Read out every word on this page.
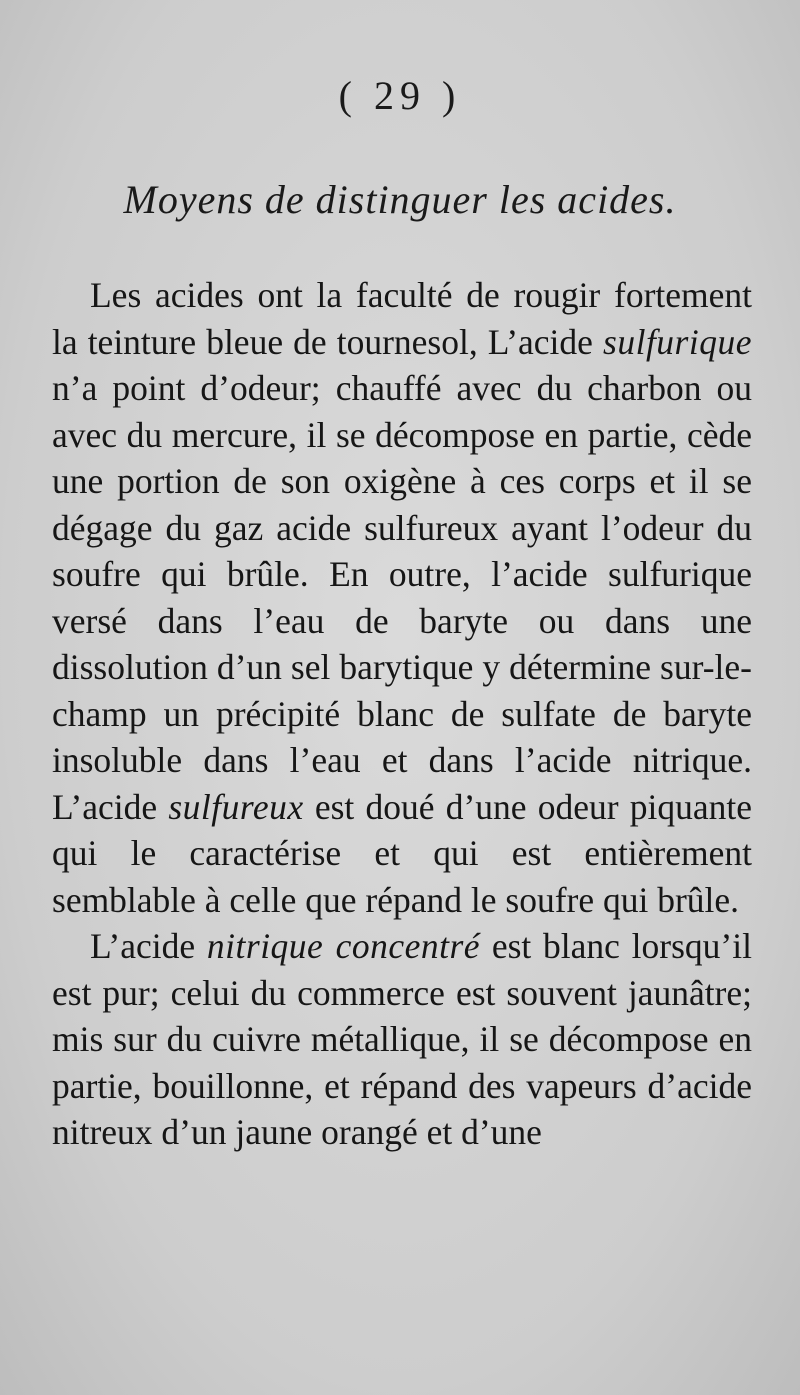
( 29 )
Moyens de distinguer les acides.

Les acides ont la faculté de rougir fortement la teinture bleue de tournesol, L’acide sulfurique n’a point d’odeur; chauffé avec du charbon ou avec du mercure, il se décompose en partie, cède une portion de son oxigène à ces corps et il se dégage du gaz acide sulfureux ayant l’odeur du soufre qui brûle. En outre, l’acide sulfurique versé dans l’eau de baryte ou dans une dissolution d’un sel barytique y détermine sur-le-champ un précipité blanc de sulfate de baryte insoluble dans l’eau et dans l’acide nitrique. L’acide sulfureux est doué d’une odeur piquante qui le caractérise et qui est entièrement semblable à celle que répand le soufre qui brûle.

L’acide nitrique concentré est blanc lorsqu’il est pur; celui du commerce est souvent jaunâtre; mis sur du cuivre métallique, il se décompose en partie, bouillonne, et répand des vapeurs d’acide nitreux d’un jaune orangé et d’une
